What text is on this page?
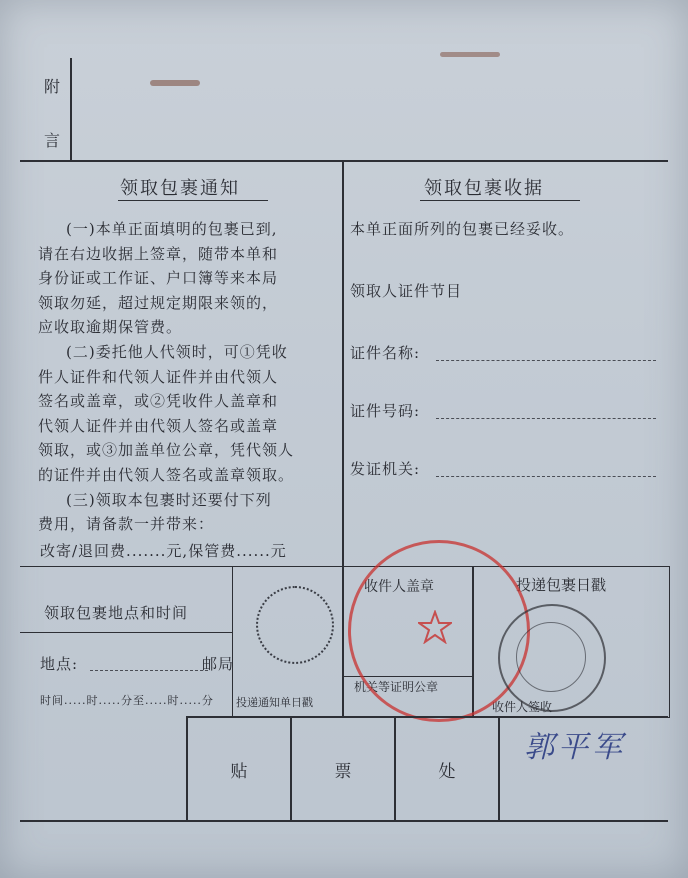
附
言
领取包裹通知
(一)本单正面填明的包裹已到,
请在右边收据上签章，随带本单和
身份证或工作证、户口簿等来本局
领取勿延，超过规定期限来领的，
应收取逾期保管费。
(二)委托他人代领时，可①凭收
件人证件和代领人证件并由代领人
签名或盖章，或②凭收件人盖章和
代领人证件并由代领人签名或盖章
领取，或③加盖单位公章，凭代领人
的证件并由代领人签名或盖章领取。
(三)领取本包裹时还要付下列
费用，请备款一并带来：
改寄/退回费.......元,保管费......元
领取包裹地点和时间
地点:	邮局
时间.....时.....分至.....时.....分
领取包裹收据
本单正面所列的包裹已经妥收。
领取人证件节目
证件名称:
证件号码:
发证机关:
投递通知单日戳
收件人盖章
机关等证明公章
投递包裹日戳
收件人签收
贴	票	处
郭平军
